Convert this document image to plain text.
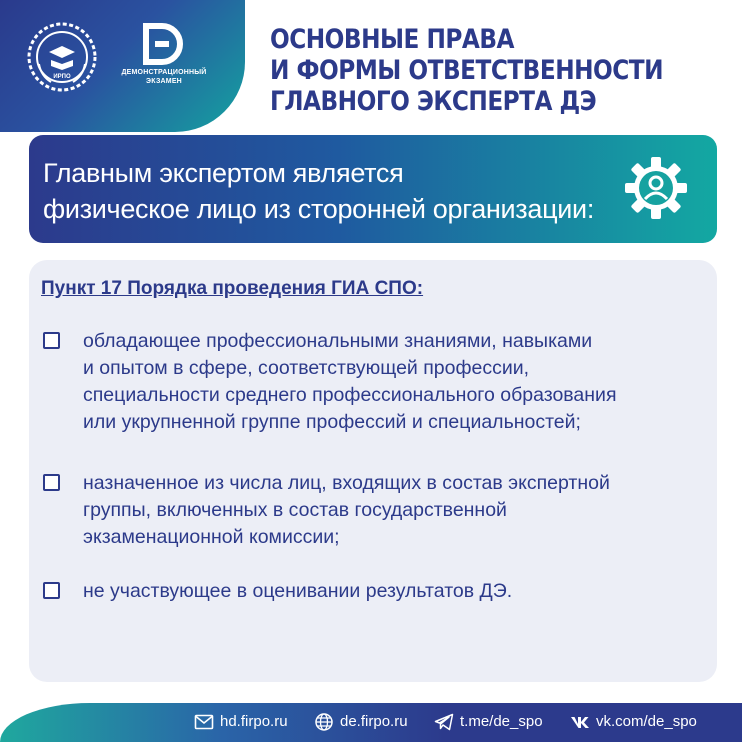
ИРПО
ДЕМОНСТРАЦИОННЫЙ ЭКЗАМЕН
ОСНОВНЫЕ ПРАВА
И ФОРМЫ ОТВЕТСТВЕННОСТИ
ГЛАВНОГО ЭКСПЕРТА ДЭ
Главным экспертом является
физическое лицо из сторонней организации:
Пункт 17 Порядка проведения ГИА СПО:
обладающее профессиональными знаниями, навыками
и опытом в сфере, соответствующей профессии,
специальности среднего профессионального образования
или укрупненной группе профессий и специальностей;
назначенное из числа лиц, входящих в состав экспертной
группы, включенных в состав государственной
экзаменационной комиссии;
не участвующее в оценивании результатов ДЭ.
hd.firpo.ru	de.firpo.ru	t.me/de_spo	vk.com/de_spo
